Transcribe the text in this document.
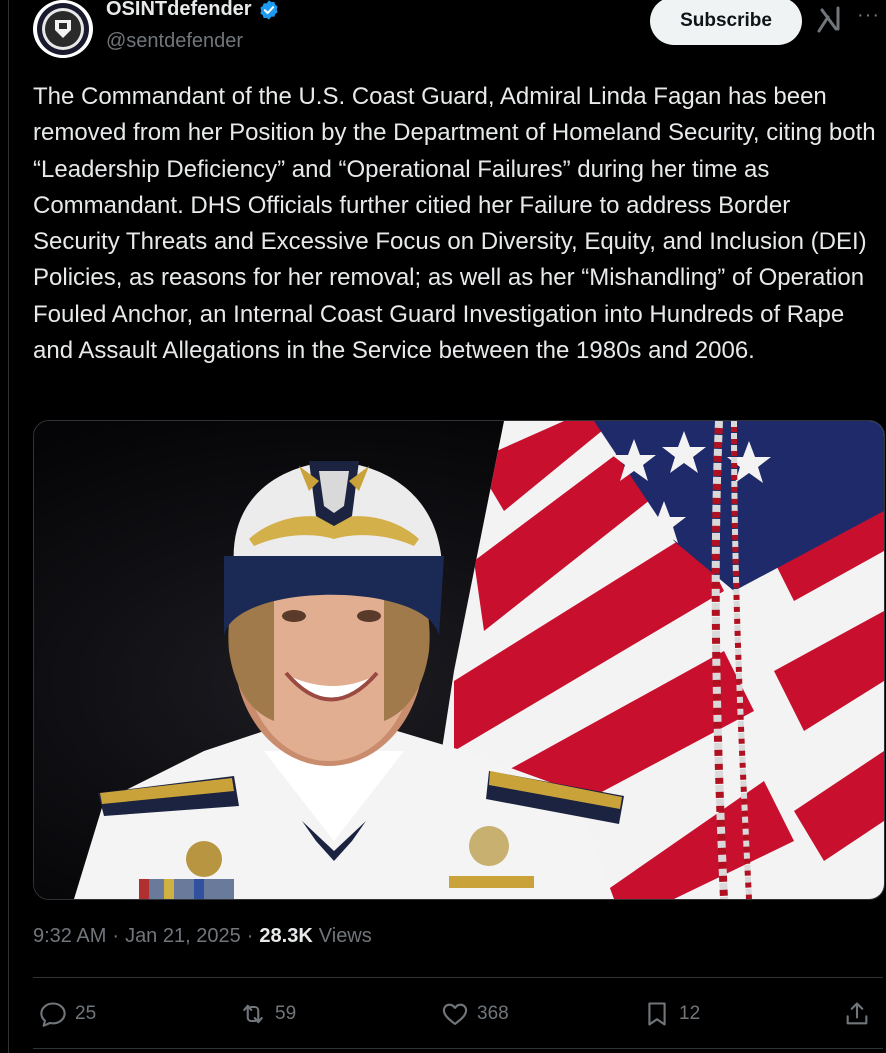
OSINTdefender
@sentdefender
Subscribe	···

The Commandant of the U.S. Coast Guard, Admiral Linda Fagan has been removed from her Position by the Department of Homeland Security, citing both “Leadership Deficiency” and “Operational Failures” during her time as Commandant. DHS Officials further citied her Failure to address Border Security Threats and Excessive Focus on Diversity, Equity, and Inclusion (DEI) Policies, as reasons for her removal; as well as her “Mishandling” of Operation Fouled Anchor, an Internal Coast Guard Investigation into Hundreds of Rape and Assault Allegations in the Service between the 1980s and 2006.

9:32 AM · Jan 21, 2025 · 28.3K Views
25	59	368	12
